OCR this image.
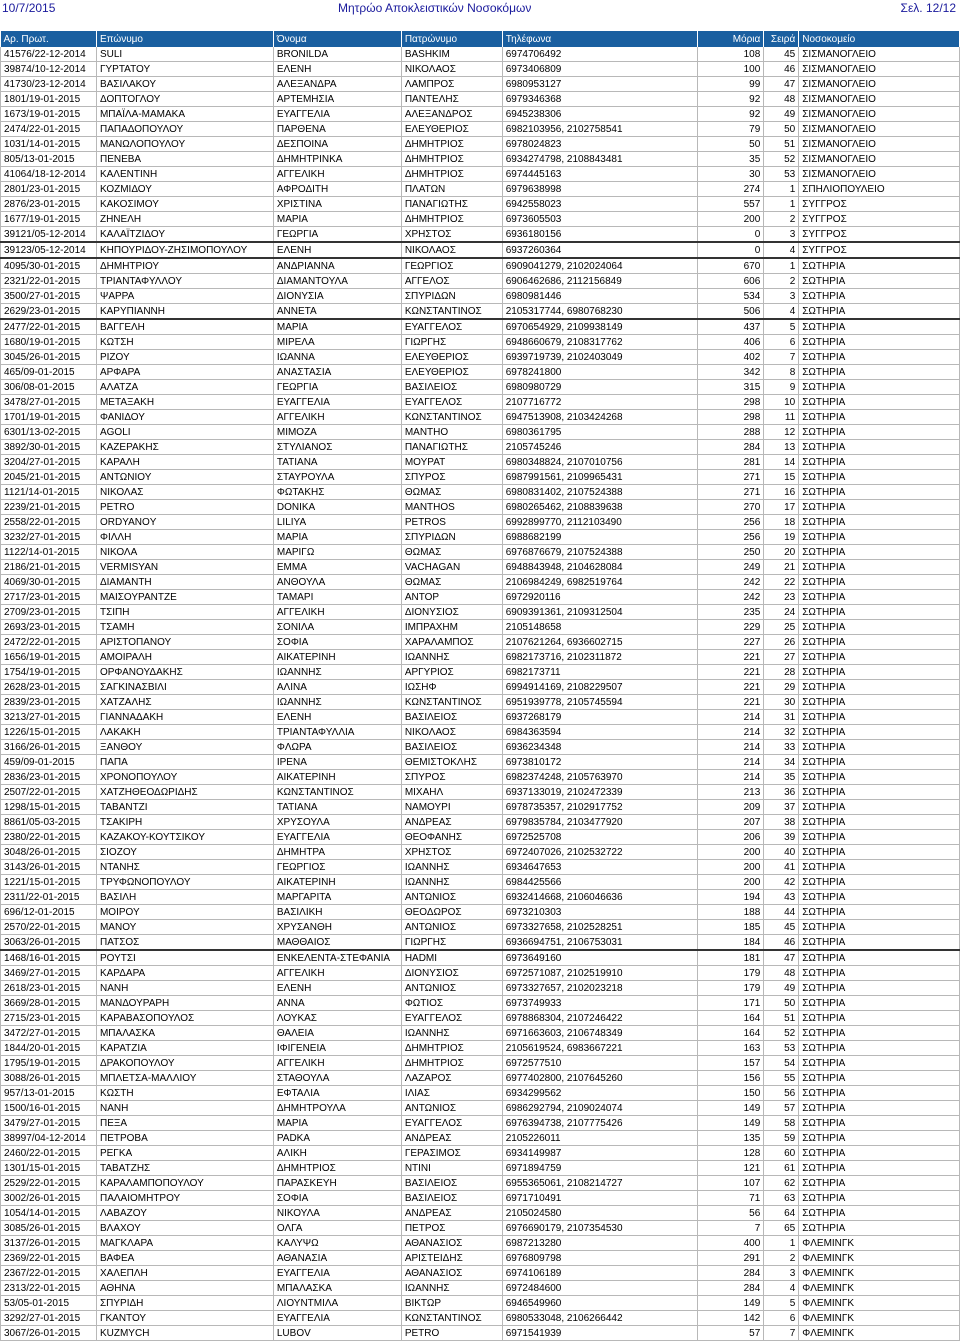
10/7/2015	Μητρώο Αποκλειστικών Νοσοκόμων	Σελ. 12/12
Αρ. Πρωτ.	Επώνυμο	Όνομα	Πατρώνυμο	Τηλέφωνα	Μόρια	Σειρά	Νοσοκομείο
41576/22-12-2014	SULI	BRONILDA	BASHKIM	6974706492	108	45	ΣΙΣΜΑΝΟΓΛΕΙΟ
39874/10-12-2014	ΓΥΡΤΑΤΟΥ	ΕΛΕΝΗ	ΝΙΚΟΛΑΟΣ	6973406809	100	46	ΣΙΣΜΑΝΟΓΛΕΙΟ
41730/23-12-2014	ΒΑΣΙΛΑΚΟΥ	ΑΛΕΞΑΝΔΡΑ	ΛΑΜΠΡΟΣ	6980953127	99	47	ΣΙΣΜΑΝΟΓΛΕΙΟ
1801/19-01-2015	ΔΟΠΤΟΓΛΟΥ	ΑΡΤΕΜΗΣΙΑ	ΠΑΝΤΕΛΗΣ	6979346368	92	48	ΣΙΣΜΑΝΟΓΛΕΙΟ
1673/19-01-2015	ΜΠΑΪΛΑ-ΜΑΜΑΚΑ	ΕΥΑΓΓΕΛΙΑ	ΑΛΕΞΑΝΔΡΟΣ	6945238306	92	49	ΣΙΣΜΑΝΟΓΛΕΙΟ
2474/22-01-2015	ΠΑΠΑΔΟΠΟΥΛΟΥ	ΠΑΡΘΕΝΑ	ΕΛΕΥΘΕΡΙΟΣ	6982103956, 2102758541	79	50	ΣΙΣΜΑΝΟΓΛΕΙΟ
1031/14-01-2015	ΜΑΝΩΛΟΠΟΥΛΟΥ	ΔΕΣΠΟΙΝΑ	ΔΗΜΗΤΡΙΟΣ	6978024823	50	51	ΣΙΣΜΑΝΟΓΛΕΙΟ
805/13-01-2015	ΠΕΝΕΒΑ	ΔΗΜΗΤΡΙΝΚΑ	ΔΗΜΗΤΡΙΟΣ	6934274798, 2108843481	35	52	ΣΙΣΜΑΝΟΓΛΕΙΟ
41064/18-12-2014	ΚΑΛΕΝΤΙΝΗ	ΑΓΓΕΛΙΚΗ	ΔΗΜΗΤΡΙΟΣ	6974445163	30	53	ΣΙΣΜΑΝΟΓΛΕΙΟ
2801/23-01-2015	ΚΟΖΜΙΔΟΥ	ΑΦΡΟΔΙΤΗ	ΠΛΑΤΩΝ	6979638998	274	1	ΣΠΗΛΙΟΠΟΥΛΕΙΟ
2876/23-01-2015	ΚΑΚΟΣΙΜΟΥ	ΧΡΙΣΤΙΝΑ	ΠΑΝΑΓΙΩΤΗΣ	6942558023	557	1	ΣΥΓΓΡΟΣ
1677/19-01-2015	ΖΗΝΕΛΗ	ΜΑΡΙΑ	ΔΗΜΗΤΡΙΟΣ	6973605503	200	2	ΣΥΓΓΡΟΣ
39121/05-12-2014	ΚΑΛΑΪΤΖΙΔΟΥ	ΓΕΩΡΓΙΑ	ΧΡΗΣΤΟΣ	6936180156	0	3	ΣΥΓΓΡΟΣ
39123/05-12-2014	ΚΗΠΟΥΡΙΔΟΥ-ΖΗΣΙΜΟΠΟΥΛΟΥ	ΕΛΕΝΗ	ΝΙΚΟΛΑΟΣ	6937260364	0	4	ΣΥΓΓΡΟΣ
4095/30-01-2015	ΔΗΜΗΤΡΙΟΥ	ΑΝΔΡΙΑΝΝΑ	ΓΕΩΡΓΙΟΣ	6909041279, 2102024064	670	1	ΣΩΤΗΡΙΑ
2321/22-01-2015	ΤΡΙΑΝΤΑΦΥΛΛΟΥ	ΔΙΑΜΑΝΤΟΥΛΑ	ΑΓΓΕΛΟΣ	6906462686, 2112156849	606	2	ΣΩΤΗΡΙΑ
3500/27-01-2015	ΨΑΡΡΑ	ΔΙΟΝΥΣΙΑ	ΣΠΥΡΙΔΩΝ	6980981446	534	3	ΣΩΤΗΡΙΑ
2629/23-01-2015	ΚΑΡΥΠΙΑΝΝΗ	ΑΝΝΕΤΑ	ΚΩΝΣΤΑΝΤΙΝΟΣ	2105317744, 6980768230	506	4	ΣΩΤΗΡΙΑ
2477/22-01-2015	ΒΑΓΓΕΛΗ	ΜΑΡΙΑ	ΕΥΑΓΓΕΛΟΣ	6970654929, 2109938149	437	5	ΣΩΤΗΡΙΑ
1680/19-01-2015	ΚΩΤΣΗ	ΜΙΡΕΛΑ	ΓΙΩΡΓΗΣ	6948660679, 2108317762	406	6	ΣΩΤΗΡΙΑ
3045/26-01-2015	ΡΙΖΟΥ	ΙΩΑΝΝΑ	ΕΛΕΥΘΕΡΙΟΣ	6939719739, 2102403049	402	7	ΣΩΤΗΡΙΑ
465/09-01-2015	ΑΡΦΑΡΑ	ΑΝΑΣΤΑΣΙΑ	ΕΛΕΥΘΕΡΙΟΣ	6978241800	342	8	ΣΩΤΗΡΙΑ
306/08-01-2015	ΑΛΑΤΖΑ	ΓΕΩΡΓΙΑ	ΒΑΣΙΛΕΙΟΣ	6980980729	315	9	ΣΩΤΗΡΙΑ
3478/27-01-2015	ΜΕΤΑΞΑΚΗ	ΕΥΑΓΓΕΛΙΑ	ΕΥΑΓΓΕΛΟΣ	2107716772	298	10	ΣΩΤΗΡΙΑ
1701/19-01-2015	ΦΑΝΙΔΟΥ	ΑΓΓΕΛΙΚΗ	ΚΩΝΣΤΑΝΤΙΝΟΣ	6947513908, 2103424268	298	11	ΣΩΤΗΡΙΑ
6301/13-02-2015	AGOLI	ΜΙΜΟΖΑ	ΜΑΝΤΗΟ	6980361795	288	12	ΣΩΤΗΡΙΑ
3892/30-01-2015	ΚΑΖΕΡΑΚΗΣ	ΣΤΥΛΙΑΝΟΣ	ΠΑΝΑΓΙΩΤΗΣ	2105745246	284	13	ΣΩΤΗΡΙΑ
3204/27-01-2015	ΚΑΡΑΛΗ	ΤΑΤΙΑΝΑ	ΜΟΥΡΑΤ	6980348824, 2107010756	281	14	ΣΩΤΗΡΙΑ
2045/21-01-2015	ΑΝΤΩΝΙΟΥ	ΣΤΑΥΡΟΥΛΑ	ΣΠΥΡΟΣ	6987991561, 2109965431	271	15	ΣΩΤΗΡΙΑ
1121/14-01-2015	ΝΙΚΟΛΑΣ	ΦΩΤΑΚΗΣ	ΘΩΜΑΣ	6980831402, 2107524388	271	16	ΣΩΤΗΡΙΑ
2239/21-01-2015	PETRO	DONIKA	MANTHOS	6980265462, 2108839638	270	17	ΣΩΤΗΡΙΑ
2558/22-01-2015	ORDYANOY	LILIYA	PETROS	6992899770, 2112103490	256	18	ΣΩΤΗΡΙΑ
3232/27-01-2015	ΦΙΛΛΗ	ΜΑΡΙΑ	ΣΠΥΡΙΔΩΝ	6988682199	256	19	ΣΩΤΗΡΙΑ
1122/14-01-2015	ΝΙΚΟΛΑ	ΜΑΡΙΓΩ	ΘΩΜΑΣ	6976876679, 2107524388	250	20	ΣΩΤΗΡΙΑ
2186/21-01-2015	VERMISYAN	ΕΜΜΑ	VACHAGAN	6948843948, 2104628084	249	21	ΣΩΤΗΡΙΑ
4069/30-01-2015	ΔΙΑΜΑΝΤΗ	ΑΝΘΟΥΛΑ	ΘΩΜΑΣ	2106984249, 6982519764	242	22	ΣΩΤΗΡΙΑ
2717/23-01-2015	ΜΑΙΣΟΥΡΑΝΤΖΕ	ΤΑΜΑΡΙ	ΑΝΤΟΡ	6972920116	242	23	ΣΩΤΗΡΙΑ
2709/23-01-2015	ΤΣΙΠΗ	ΑΓΓΕΛΙΚΗ	ΔΙΟΝΥΣΙΟΣ	6909391361, 2109312504	235	24	ΣΩΤΗΡΙΑ
2693/23-01-2015	ΤΣΑΜΗ	ΣΟΝΙΛΑ	ΙΜΠΡΑΧΗΜ	2105148658	229	25	ΣΩΤΗΡΙΑ
2472/22-01-2015	ΑΡΙΣΤΟΠΑΝΟΥ	ΣΟΦΙΑ	ΧΑΡΑΛΑΜΠΟΣ	2107621264, 6936602715	227	26	ΣΩΤΗΡΙΑ
1656/19-01-2015	ΑΜΟΙΡΑΛΗ	ΑΙΚΑΤΕΡΙΝΗ	ΙΩΑΝΝΗΣ	6982173716, 2102311872	221	27	ΣΩΤΗΡΙΑ
1754/19-01-2015	ΟΡΦΑΝΟΥΔΑΚΗΣ	ΙΩΑΝΝΗΣ	ΑΡΓΥΡΙΟΣ	6982173711	221	28	ΣΩΤΗΡΙΑ
2628/23-01-2015	ΣΑΓΚΙΝΑΣΒΙΛΙ	ΑΛΙΝΑ	ΙΩΣΗΦ	6994914169, 2108229507	221	29	ΣΩΤΗΡΙΑ
2839/23-01-2015	ΧΑΤΖΑΛΗΣ	ΙΩΑΝΝΗΣ	ΚΩΝΣΤΑΝΤΙΝΟΣ	6951939778, 2105745594	221	30	ΣΩΤΗΡΙΑ
3213/27-01-2015	ΓΙΑΝΝΑΔΑΚΗ	ΕΛΕΝΗ	ΒΑΣΙΛΕΙΟΣ	6937268179	214	31	ΣΩΤΗΡΙΑ
1226/15-01-2015	ΛΑΚΑΚΗ	ΤΡΙΑΝΤΑΦΥΛΛΙΑ	ΝΙΚΟΛΑΟΣ	6984363594	214	32	ΣΩΤΗΡΙΑ
3166/26-01-2015	ΞΑΝΘΟΥ	ΦΛΩΡΑ	ΒΑΣΙΛΕΙΟΣ	6936234348	214	33	ΣΩΤΗΡΙΑ
459/09-01-2015	ΠΑΠΑ	ΙΡΕΝΑ	ΘΕΜΙΣΤΟΚΛΗΣ	6973810172	214	34	ΣΩΤΗΡΙΑ
2836/23-01-2015	ΧΡΟΝΟΠΟΥΛΟΥ	ΑΙΚΑΤΕΡΙΝΗ	ΣΠΥΡΟΣ	6982374248, 2105763970	214	35	ΣΩΤΗΡΙΑ
2507/22-01-2015	ΧΑΤΖΗΘΕΟΔΩΡΙΔΗΣ	ΚΩΝΣΤΑΝΤΙΝΟΣ	ΜΙΧΑΗΛ	6937133019, 2102472339	213	36	ΣΩΤΗΡΙΑ
1298/15-01-2015	ΤΑΒΑΝΤΖΙ	ΤΑΤΙΑΝΑ	ΝΑΜΟΥΡΙ	6978735357, 2102917752	209	37	ΣΩΤΗΡΙΑ
8861/05-03-2015	ΤΣΑΚΙΡΗ	ΧΡΥΣΟΥΛΑ	ΑΝΔΡΕΑΣ	6979835784, 2103477920	207	38	ΣΩΤΗΡΙΑ
2380/22-01-2015	ΚΑΖΑΚΟΥ-ΚΟΥΤΣΙΚΟΥ	ΕΥΑΓΓΕΛΙΑ	ΘΕΟΦΑΝΗΣ	6972525708	206	39	ΣΩΤΗΡΙΑ
3048/26-01-2015	ΣΙΟΖΟΥ	ΔΗΜΗΤΡΑ	ΧΡΗΣΤΟΣ	6972407026, 2102532722	200	40	ΣΩΤΗΡΙΑ
3143/26-01-2015	ΝΤΑΝΗΣ	ΓΕΩΡΓΙΟΣ	ΙΩΑΝΝΗΣ	6934647653	200	41	ΣΩΤΗΡΙΑ
1221/15-01-2015	ΤΡΥΦΩΝΟΠΟΥΛΟΥ	ΑΙΚΑΤΕΡΙΝΗ	ΙΩΑΝΝΗΣ	6984425566	200	42	ΣΩΤΗΡΙΑ
2311/22-01-2015	ΒΑΣΙΛΗ	ΜΑΡΓΑΡΙΤΑ	ΑΝΤΩΝΙΟΣ	6932414668, 2106046636	194	43	ΣΩΤΗΡΙΑ
696/12-01-2015	ΜΟΙΡΟΥ	ΒΑΣΙΛΙΚΗ	ΘΕΟΔΩΡΟΣ	6973210303	188	44	ΣΩΤΗΡΙΑ
2570/22-01-2015	ΜΑΝΟΥ	ΧΡΥΣΑΝΘΗ	ΑΝΤΩΝΙΟΣ	6973327658, 2102528251	185	45	ΣΩΤΗΡΙΑ
3063/26-01-2015	ΠΑΤΣΟΣ	ΜΑΘΘΑΙΟΣ	ΓΙΩΡΓΗΣ	6936694751, 2106753031	184	46	ΣΩΤΗΡΙΑ
1468/16-01-2015	ΡΟΥΤΣΙ	ΕΝΚΕΛΕΝΤΑ-ΣΤΕΦΑΝΙΑ	HADMI	6973649160	181	47	ΣΩΤΗΡΙΑ
3469/27-01-2015	ΚΑΡΔΑΡΑ	ΑΓΓΕΛΙΚΗ	ΔΙΟΝΥΣΙΟΣ	6972571087, 2102519910	179	48	ΣΩΤΗΡΙΑ
2618/23-01-2015	ΝΑΝΗ	ΕΛΕΝΗ	ΑΝΤΩΝΙΟΣ	6973327657, 2102023218	179	49	ΣΩΤΗΡΙΑ
3669/28-01-2015	ΜΑΝΔΟΥΡΑΡΗ	ΑΝΝΑ	ΦΩΤΙΟΣ	6973749933	171	50	ΣΩΤΗΡΙΑ
2715/23-01-2015	ΚΑΡΑΒΑΣΟΠΟΥΛΟΣ	ΛΟΥΚΑΣ	ΕΥΑΓΓΕΛΟΣ	6978868304, 2107246422	164	51	ΣΩΤΗΡΙΑ
3472/27-01-2015	ΜΠΑΛΑΣΚΑ	ΘΑΛΕΙΑ	ΙΩΑΝΝΗΣ	6971663603, 2106748349	164	52	ΣΩΤΗΡΙΑ
1844/20-01-2015	ΚΑΡΑΤΖΙΑ	ΙΦΙΓΕΝΕΙΑ	ΔΗΜΗΤΡΙΟΣ	2105619524, 6983667221	163	53	ΣΩΤΗΡΙΑ
1795/19-01-2015	ΔΡΑΚΟΠΟΥΛΟΥ	ΑΓΓΕΛΙΚΗ	ΔΗΜΗΤΡΙΟΣ	6972577510	157	54	ΣΩΤΗΡΙΑ
3088/26-01-2015	ΜΠΛΕΤΣΑ-ΜΑΛΛΙΟΥ	ΣΤΑΘΟΥΛΑ	ΛΑΖΑΡΟΣ	6977402800, 2107645260	156	55	ΣΩΤΗΡΙΑ
957/13-01-2015	ΚΩΣΤΗ	ΕΦΤΑΛΙΑ	ΙΛΙΑΣ	6934299562	150	56	ΣΩΤΗΡΙΑ
1500/16-01-2015	ΝΑΝΗ	ΔΗΜΗΤΡΟΥΛΑ	ΑΝΤΩΝΙΟΣ	6986292794, 2109024074	149	57	ΣΩΤΗΡΙΑ
3479/27-01-2015	ΠΕΞΑ	ΜΑΡΙΑ	ΕΥΑΓΓΕΛΟΣ	6976394738, 2107775426	149	58	ΣΩΤΗΡΙΑ
38997/04-12-2014	ΠΕΤΡΟΒΑ	PADKA	ΑΝΔΡΕΑΣ	2105226011	135	59	ΣΩΤΗΡΙΑ
2460/22-01-2015	ΡΕΓΚΑ	ΑΛΙΚΗ	ΓΕΡΑΣΙΜΟΣ	6934149987	128	60	ΣΩΤΗΡΙΑ
1301/15-01-2015	ΤΑΒΑΤΖΗΣ	ΔΗΜΗΤΡΙΟΣ	ΝΤΙΝΙ	6971894759	121	61	ΣΩΤΗΡΙΑ
2529/22-01-2015	ΚΑΡΑΛΑΜΠΟΠΟΥΛΟΥ	ΠΑΡΑΣΚΕΥΗ	ΒΑΣΙΛΕΙΟΣ	6955365061, 2108214727	107	62	ΣΩΤΗΡΙΑ
3002/26-01-2015	ΠΑΛΑΙΟΜΗΤΡΟΥ	ΣΟΦΙΑ	ΒΑΣΙΛΕΙΟΣ	6971710491	71	63	ΣΩΤΗΡΙΑ
1054/14-01-2015	ΛΑΒΑΖΟΥ	ΝΙΚΟΥΛΑ	ΑΝΔΡΕΑΣ	2105024580	56	64	ΣΩΤΗΡΙΑ
3085/26-01-2015	ΒΛΑΧΟΥ	ΟΛΓΑ	ΠΕΤΡΟΣ	6976690179, 2107354530	7	65	ΣΩΤΗΡΙΑ
3137/26-01-2015	ΜΑΓΚΛΑΡΑ	ΚΑΛΥΨΩ	ΑΘΑΝΑΣΙΟΣ	6987213280	400	1	ΦΛΕΜΙΝΓΚ
2369/22-01-2015	ΒΑΦΕΑ	ΑΘΑΝΑΣΙΑ	ΑΡΙΣΤΕΙΔΗΣ	6976809798	291	2	ΦΛΕΜΙΝΓΚ
2367/22-01-2015	ΧΑΛΕΠΛΗ	ΕΥΑΓΓΕΛΙΑ	ΑΘΑΝΑΣΙΟΣ	6974106189	284	3	ΦΛΕΜΙΝΓΚ
2313/22-01-2015	ΑΘΗΝΑ	ΜΠΑΛΑΣΚΑ	ΙΩΑΝΝΗΣ	6972484600	284	4	ΦΛΕΜΙΝΓΚ
53/05-01-2015	ΣΠΥΡΙΔΗ	ΛΙΟΥΝΤΜΙΛΑ	ΒΙΚΤΩΡ	6946549960	149	5	ΦΛΕΜΙΝΓΚ
3292/27-01-2015	ΓΚΑΝΤΟΥ	ΕΥΑΓΓΕΛΙΑ	ΚΩΝΣΤΑΝΤΙΝΟΣ	6980533048, 2106266442	142	6	ΦΛΕΜΙΝΓΚ
3067/26-01-2015	KUZMYCH	LUBOV	PETRO	6971541939	57	7	ΦΛΕΜΙΝΓΚ
